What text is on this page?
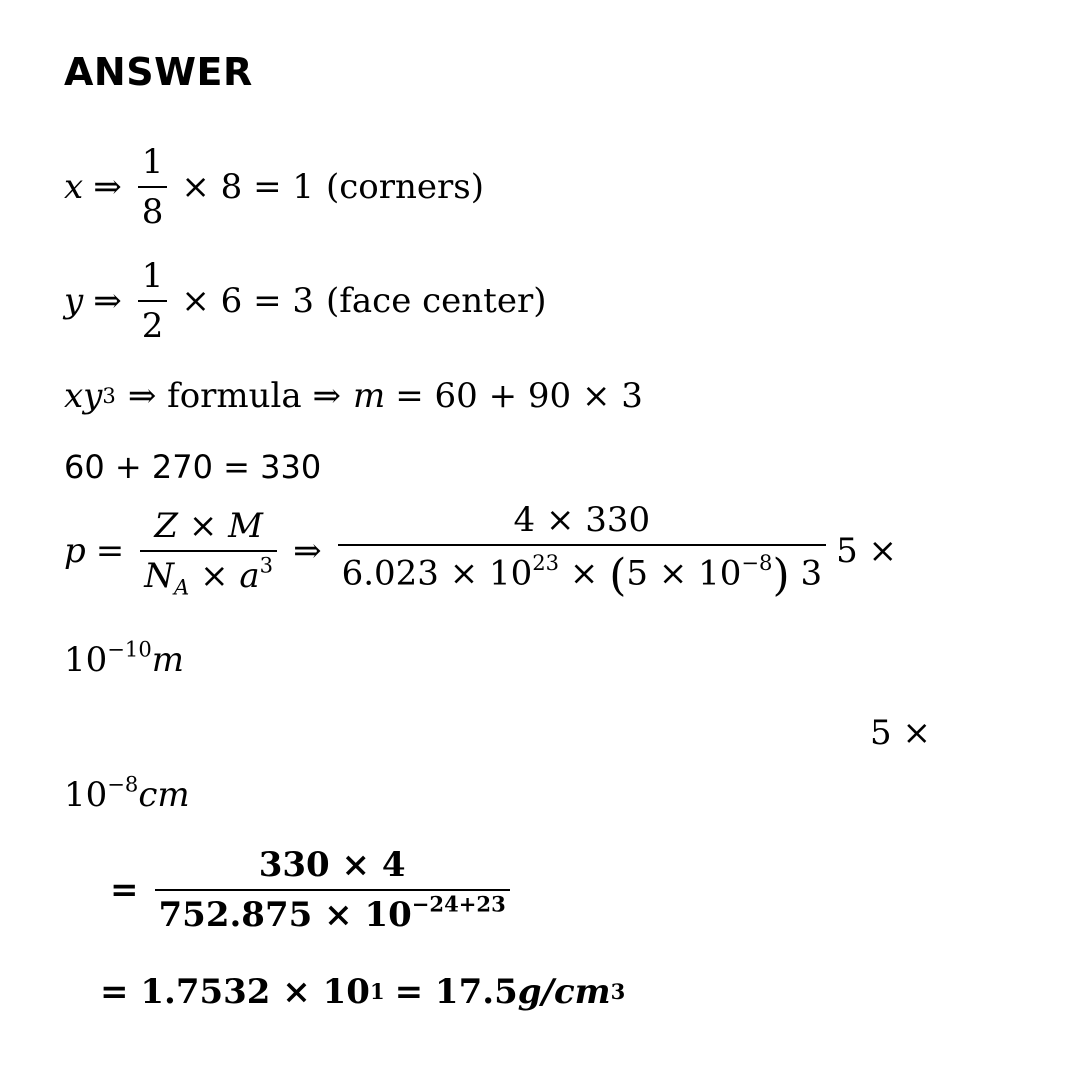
ANSWER
x ⇒ $\frac{1}{8} \times 8 = 1$ (corners)
y ⇒ $\frac{1}{2} \times 6 = 3$ (face center)
xy 3 ⇒ formula ⇒ m = 60 + 90 × 3
60 + 270 = 330
$p = \frac{Z \times M}{N_A \times a^3}$ ⇒ $\frac{4 \times 330}{6.023 \times 10^{23} \times (5 \times 10^{-8}) 3} 5$ ×
$10^{-10}m$
5 ×
$10^{-8}cm$
= $\frac{330 \times 4}{752.875 \times 10^{-24+23}}$
= 1.7532 × 10 1 = 17.5 g/cm 3
